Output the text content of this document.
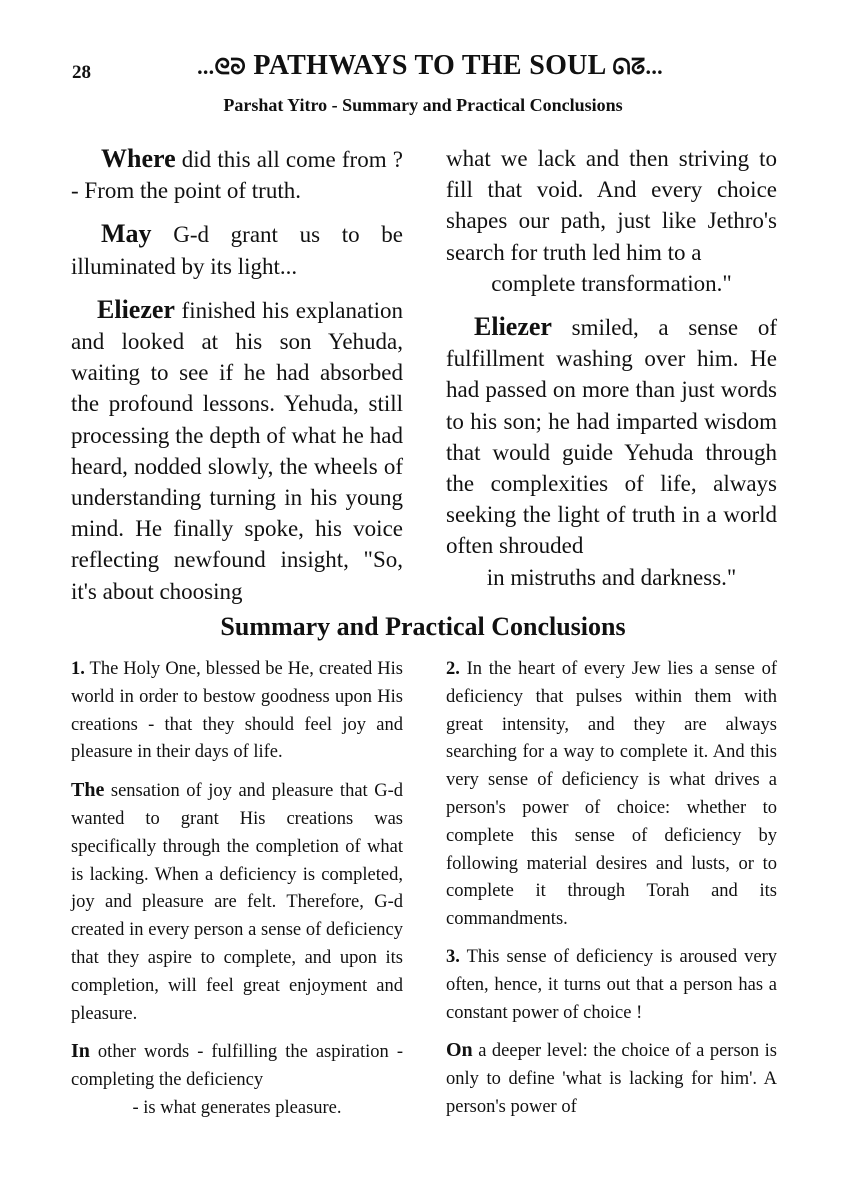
28	...ᘓᘐ PATHWAYS TO THE SOUL ᘏᘔ...
Parshat Yitro - Summary and Practical Conclusions

Where did this all come from ? - From the point of truth.

May G-d grant us to be illuminated by its light...

Eliezer finished his explanation and looked at his son Yehuda, waiting to see if he had absorbed the profound lessons. Yehuda, still processing the depth of what he had heard, nodded slowly, the wheels of understanding turning in his young mind. He finally spoke, his voice reflecting newfound insight, "So, it's about choosing

what we lack and then striving to fill that void. And every choice shapes our path, just like Jethro's search for truth led him to a

complete transformation."

Eliezer smiled, a sense of fulfillment washing over him. He had passed on more than just words to his son; he had imparted wisdom that would guide Yehuda through the complexities of life, always seeking the light of truth in a world often shrouded

in mistruths and darkness."

Summary and Practical Conclusions

1. The Holy One, blessed be He, created His world in order to bestow goodness upon His creations - that they should feel joy and pleasure in their days of life.

The sensation of joy and pleasure that G-d wanted to grant His creations was specifically through the completion of what is lacking. When a deficiency is completed, joy and pleasure are felt. Therefore, G-d created in every person a sense of deficiency that they aspire to complete, and upon its completion, will feel great enjoyment and pleasure.

In other words - fulfilling the aspiration - completing the deficiency

- is what generates pleasure.

2. In the heart of every Jew lies a sense of deficiency that pulses within them with great intensity, and they are always searching for a way to complete it. And this very sense of deficiency is what drives a person's power of choice: whether to complete this sense of deficiency by following material desires and lusts, or to complete it through Torah and its commandments.

3. This sense of deficiency is aroused very often, hence, it turns out that a person has a constant power of choice !

On a deeper level: the choice of a person is only to define 'what is lacking for him'. A person's power of
